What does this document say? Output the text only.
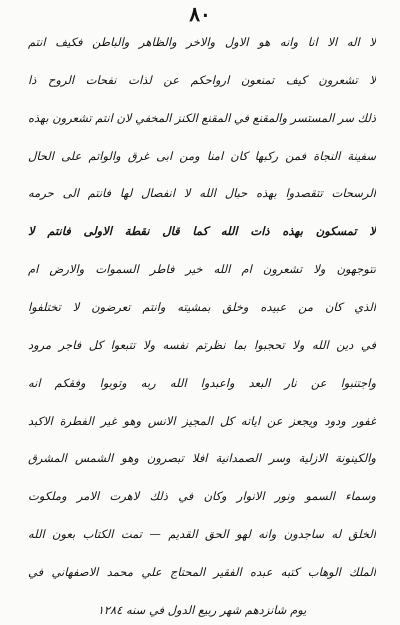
٨٠
لا اله الا انا وانه هو الاول والاخر والظاهر والباطن فكيف انتم
لا تشعرون كيف تمنعون ارواحكم عن لذات نفحات الروح ذا
ذلك سر المستسر والمقنع في المقنع الكنز المخفي لان انتم تشعرون بهذه
سفينة النجاة فمن ركبها كان امنا ومن ابى غرق والواتم على الحال
الرسحات تتقصدوا بهذه حبال الله لا انفصال لها فانتم الى حرمه
لا تمسكون بهذه ذات الله كما قال نقطة الاولى فانتم لا
تتوجهون ولا تشعرون ام الله خير فاطر السموات والارض ام
الذي كان من عبيده وخلق بمشيته وانتم تعرضون لا تختلفوا
في دين الله ولا تحجبوا بما نظرتم نفسه ولا تتبعوا كل فاجر مرود
واجتنبوا عن نار البعد واعبدوا الله ربه وتوبوا وفقكم انه
غفور ودود ويجعز عن اياته كل المجيز الانس وهو غير الفطرة الاكبد
والكينونة الازلية وسر الصمدانية افلا تبصرون وهو الشمس المشرق
وسماء السمو ونور الانوار وكان في ذلك لاهرت الامر وملكوت
الخلق له ساجدون وانه لهو الحق القديم — تمت الكتاب بعون الله
الملك الوهاب كتبه عبده الفقير المحتاج علي محمد الاصفهاني في
يوم شانزدهم شهر ربيع الدول في سنه ١٢٨٤
